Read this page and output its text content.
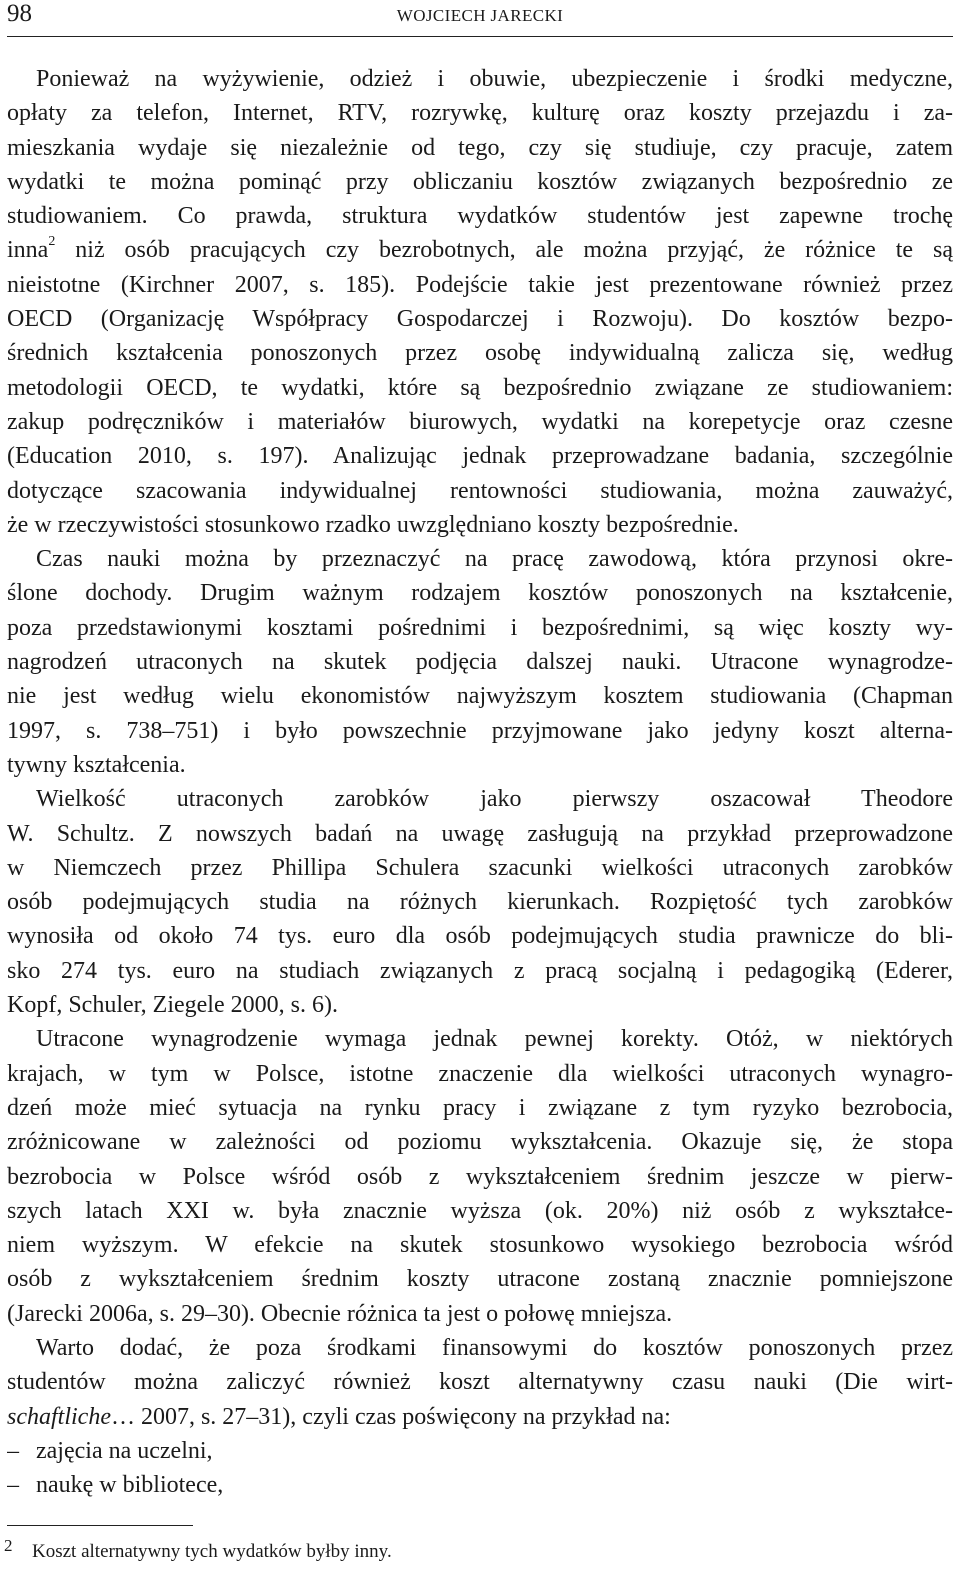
98	WOJCIECH JARECKI
Ponieważ na wyżywienie, odzież i obuwie, ubezpieczenie i środki medyczne,
opłaty za telefon, Internet, RTV, rozrywkę, kulturę oraz koszty przejazdu i za-
mieszkania wydaje się niezależnie od tego, czy się studiuje, czy pracuje, zatem
wydatki te można pominąć przy obliczaniu kosztów związanych bezpośrednio ze
studiowaniem. Co prawda, struktura wydatków studentów jest zapewne trochę
inna$^2$ niż osób pracujących czy bezrobotnych, ale można przyjąć, że różnice te są
nieistotne (Kirchner 2007, s. 185). Podejście takie jest prezentowane również przez
OECD (Organizację Współpracy Gospodarczej i Rozwoju). Do kosztów bezpo-
średnich kształcenia ponoszonych przez osobę indywidualną zalicza się, według
metodologii OECD, te wydatki, które są bezpośrednio związane ze studiowaniem:
zakup podręczników i materiałów biurowych, wydatki na korepetycje oraz czesne
(Education 2010, s. 197). Analizując jednak przeprowadzane badania, szczególnie
dotyczące szacowania indywidualnej rentowności studiowania, można zauważyć,
że w rzeczywistości stosunkowo rzadko uwzględniano koszty bezpośrednie.
Czas nauki można by przeznaczyć na pracę zawodową, która przynosi okre-
ślone dochody. Drugim ważnym rodzajem kosztów ponoszonych na kształcenie,
poza przedstawionymi kosztami pośrednimi i bezpośrednimi, są więc koszty wy-
nagrodzeń utraconych na skutek podjęcia dalszej nauki. Utracone wynagrodze-
nie jest według wielu ekonomistów najwyższym kosztem studiowania (Chapman
1997, s. 738–751) i było powszechnie przyjmowane jako jedyny koszt alterna-
tywny kształcenia.
Wielkość utraconych zarobków jako pierwszy oszacował Theodore
W. Schultz. Z nowszych badań na uwagę zasługują na przykład przeprowadzone
w Niemczech przez Phillipa Schulera szacunki wielkości utraconych zarobków
osób podejmujących studia na różnych kierunkach. Rozpiętość tych zarobków
wynosiła od około 74 tys. euro dla osób podejmujących studia prawnicze do bli-
sko 274 tys. euro na studiach związanych z pracą socjalną i pedagogiką (Ederer,
Kopf, Schuler, Ziegele 2000, s. 6).
Utracone wynagrodzenie wymaga jednak pewnej korekty. Otóż, w niektórych
krajach, w tym w Polsce, istotne znaczenie dla wielkości utraconych wynagro-
dzeń może mieć sytuacja na rynku pracy i związane z tym ryzyko bezrobocia,
zróżnicowane w zależności od poziomu wykształcenia. Okazuje się, że stopa
bezrobocia w Polsce wśród osób z wykształceniem średnim jeszcze w pierw-
szych latach XXI w. była znacznie wyższa (ok. 20%) niż osób z wykształce-
niem wyższym. W efekcie na skutek stosunkowo wysokiego bezrobocia wśród
osób z wykształceniem średnim koszty utracone zostaną znacznie pomniejszone
(Jarecki 2006a, s. 29–30). Obecnie różnica ta jest o połowę mniejsza.
Warto dodać, że poza środkami finansowymi do kosztów ponoszonych przez
studentów można zaliczyć również koszt alternatywny czasu nauki (Die wirt-
schaftliche… 2007, s. 27–31), czyli czas poświęcony na przykład na:
– zajęcia na uczelni,
– naukę w bibliotece,
2 Koszt alternatywny tych wydatków byłby inny.
